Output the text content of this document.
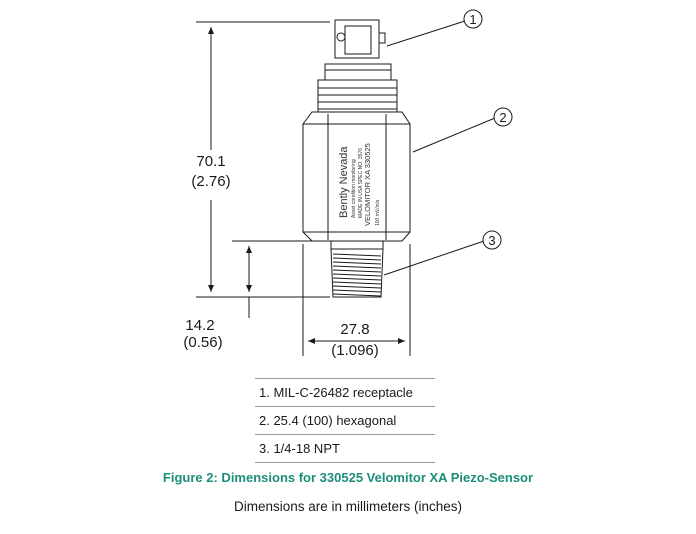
Bently Nevada Asset condition monitoring MADE IN USA SPEC NO. 3576 VELOMITOR XA 330525 100 mV/in/s
70.1
(2.76)
14.2
(0.56)
27.8
(1.096)
1
2
3
1. MIL-C-26482 receptacle
2. 25.4 (100) hexagonal
3. 1/4-18 NPT
Figure 2: Dimensions for 330525 Velomitor XA Piezo-Sensor
Dimensions are in millimeters (inches)
